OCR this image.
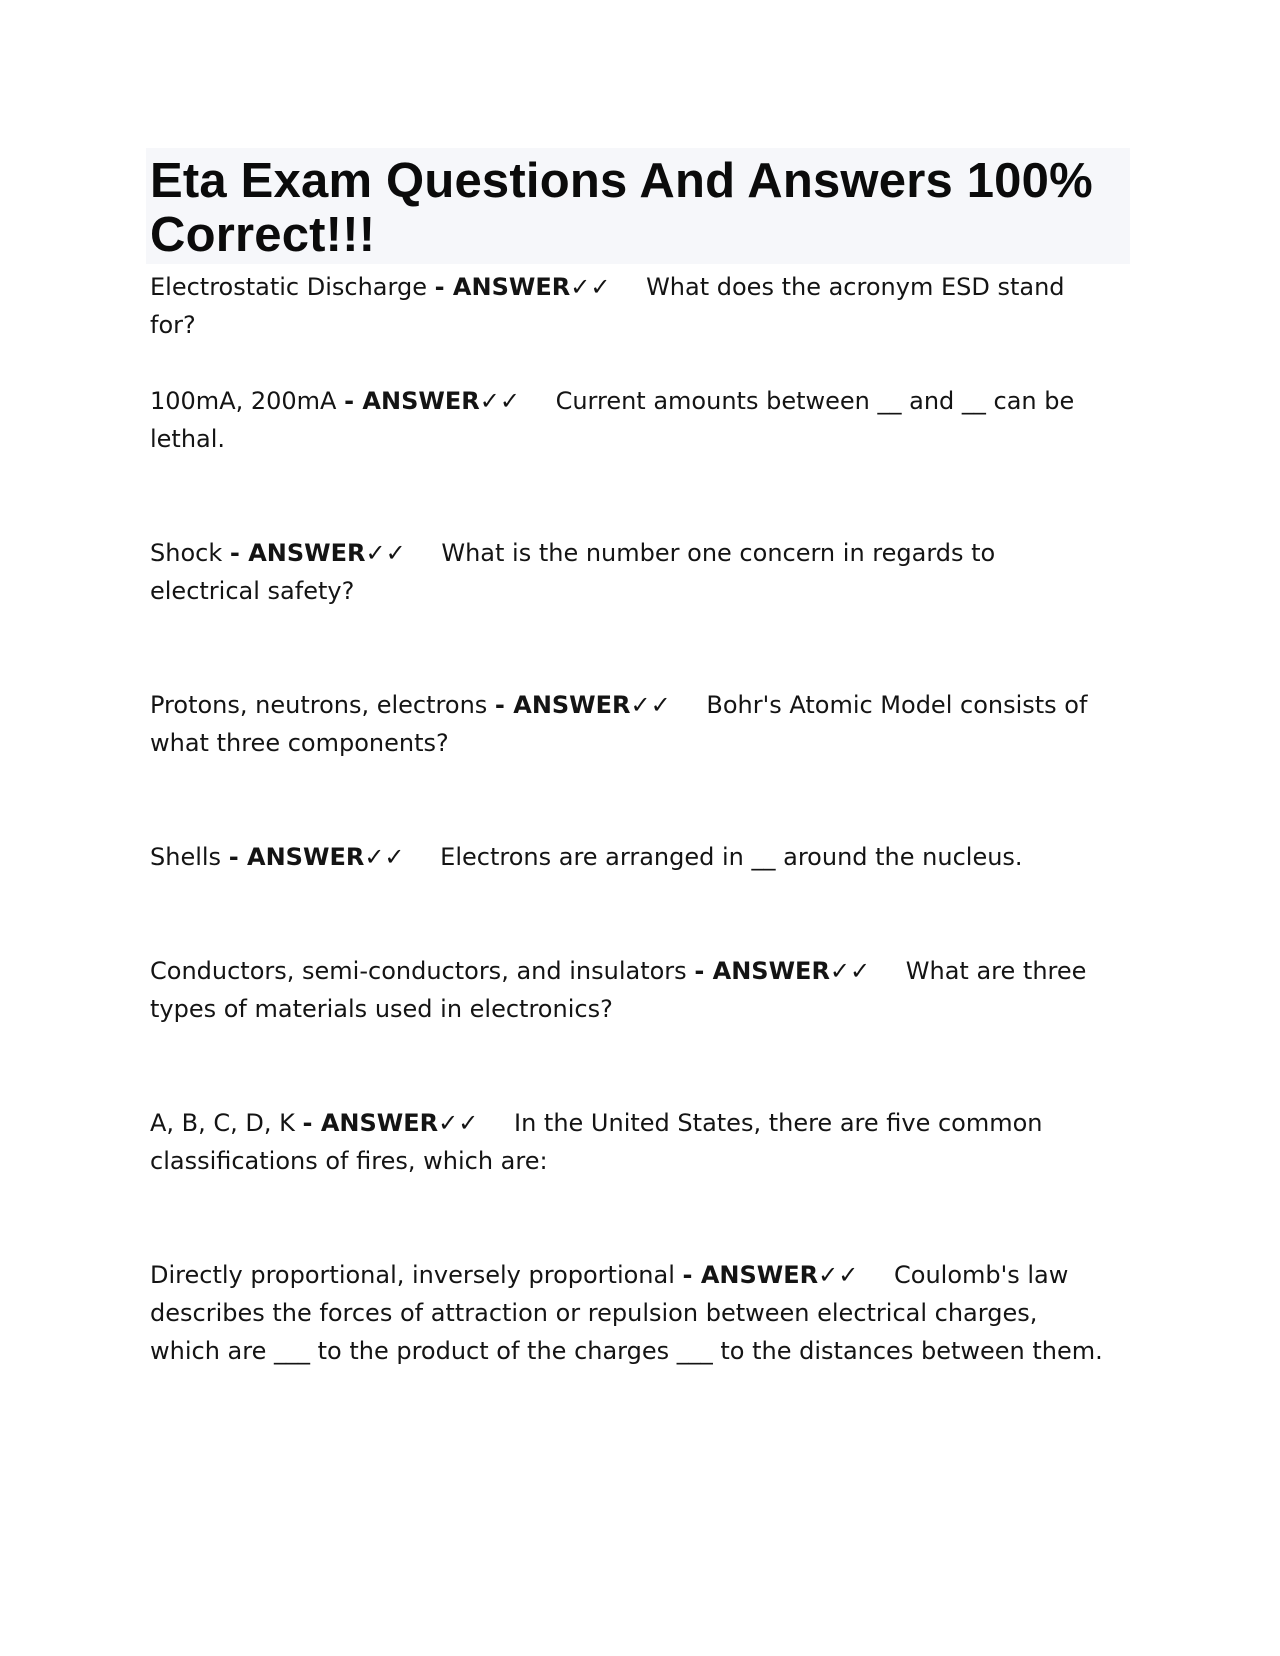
Eta Exam Questions And Answers 100% Correct!!!

Electrostatic Discharge - ANSWER✓✓ What does the acronym ESD stand for?

100mA, 200mA - ANSWER✓✓ Current amounts between __ and __ can be lethal.

Shock - ANSWER✓✓ What is the number one concern in regards to electrical safety?

Protons, neutrons, electrons - ANSWER✓✓ Bohr's Atomic Model consists of what three components?

Shells - ANSWER✓✓ Electrons are arranged in __ around the nucleus.

Conductors, semi-conductors, and insulators - ANSWER✓✓ What are three types of materials used in electronics?

A, B, C, D, K - ANSWER✓✓ In the United States, there are five common classifications of fires, which are:

Directly proportional, inversely proportional - ANSWER✓✓ Coulomb's law describes the forces of attraction or repulsion between electrical charges, which are ___ to the product of the charges ___ to the distances between them.
